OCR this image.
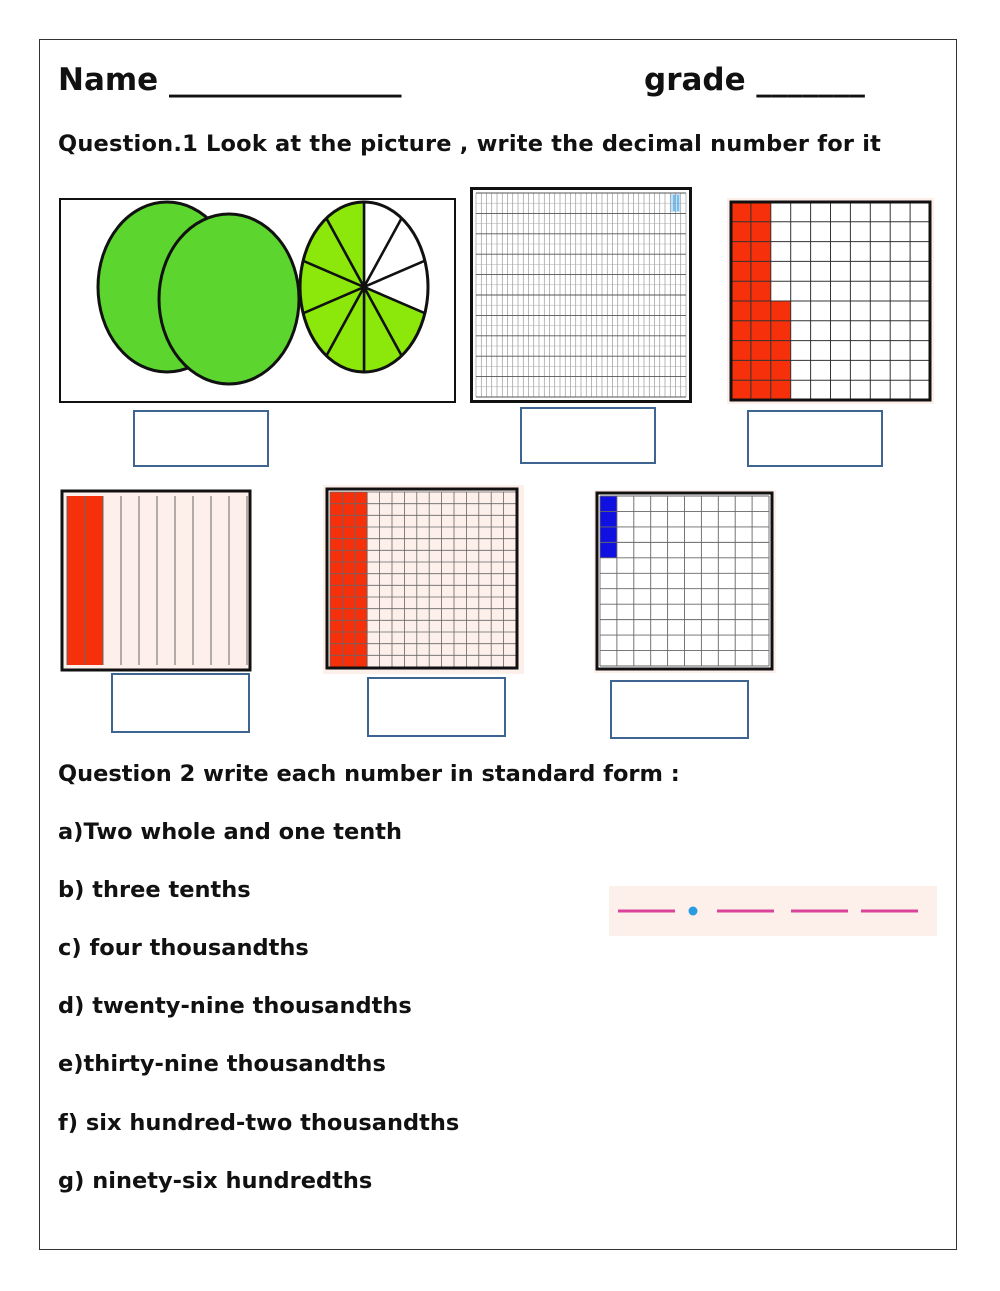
Name _______________	grade _______
Question.1 Look at the picture , write the decimal number for it
Question 2 write each number in standard form :
a)Two whole and one tenth
b) three tenths
c) four thousandths
d) twenty-nine thousandths
e)thirty-nine thousandths
f) six hundred-two thousandths
g) ninety-six hundredths
